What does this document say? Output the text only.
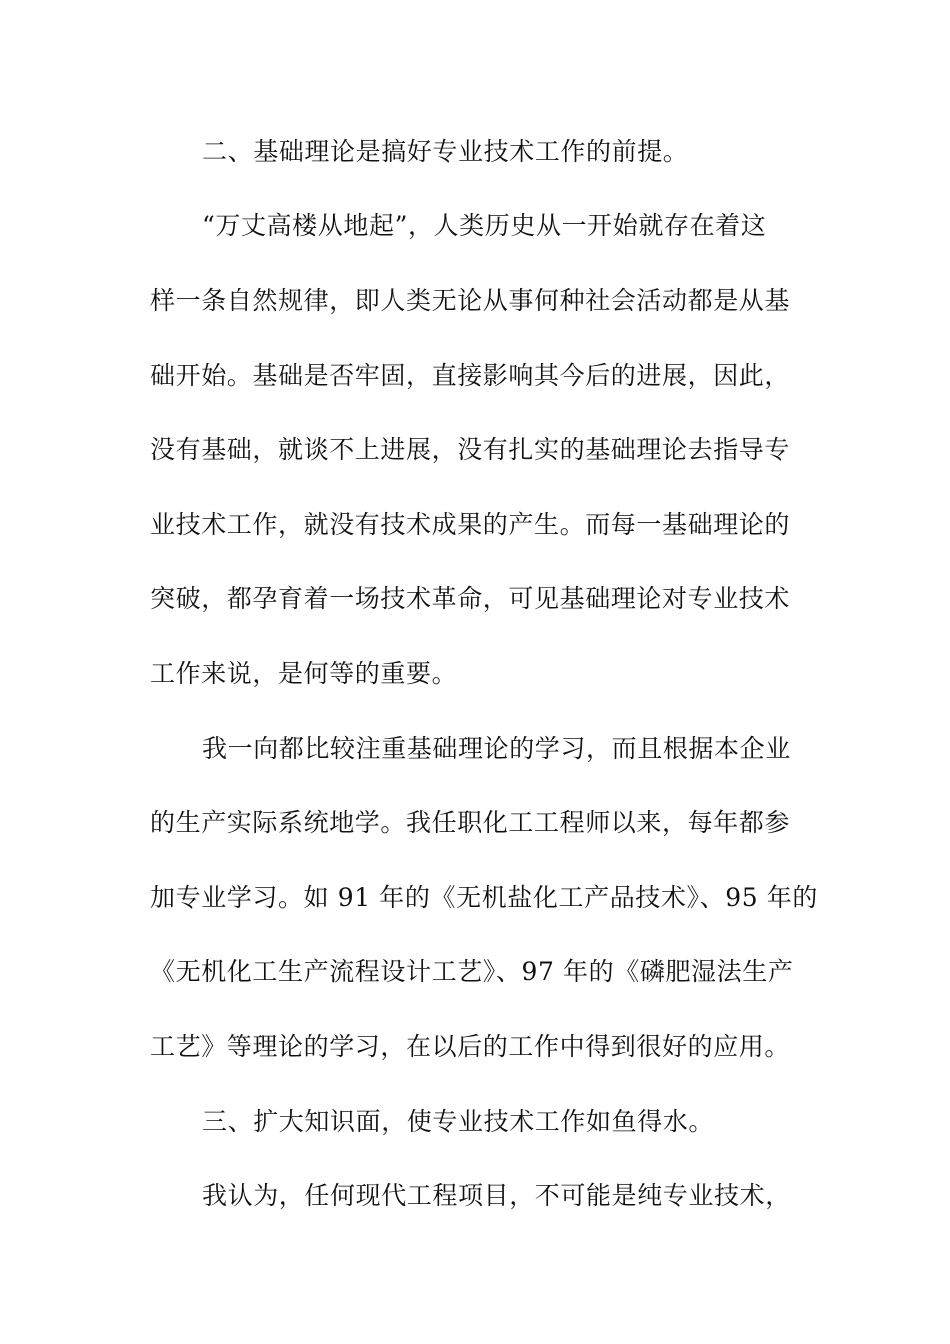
二、基础理论是搞好专业技术工作的前提。
“万丈高楼从地起”，人类历史从一开始就存在着这
样一条自然规律，即人类无论从事何种社会活动都是从基
础开始。基础是否牢固，直接影响其今后的进展，因此，
没有基础，就谈不上进展，没有扎实的基础理论去指导专
业技术工作，就没有技术成果的产生。而每一基础理论的
突破，都孕育着一场技术革命，可见基础理论对专业技术
工作来说，是何等的重要。
我一向都比较注重基础理论的学习，而且根据本企业
的生产实际系统地学。我任职化工工程师以来，每年都参
加专业学习。如 91 年的《无机盐化工产品技术》、95 年的
《无机化工生产流程设计工艺》、97 年的《磷肥湿法生产
工艺》等理论的学习，在以后的工作中得到很好的应用。
三、扩大知识面，使专业技术工作如鱼得水。
我认为，任何现代工程项目，不可能是纯专业技术，
